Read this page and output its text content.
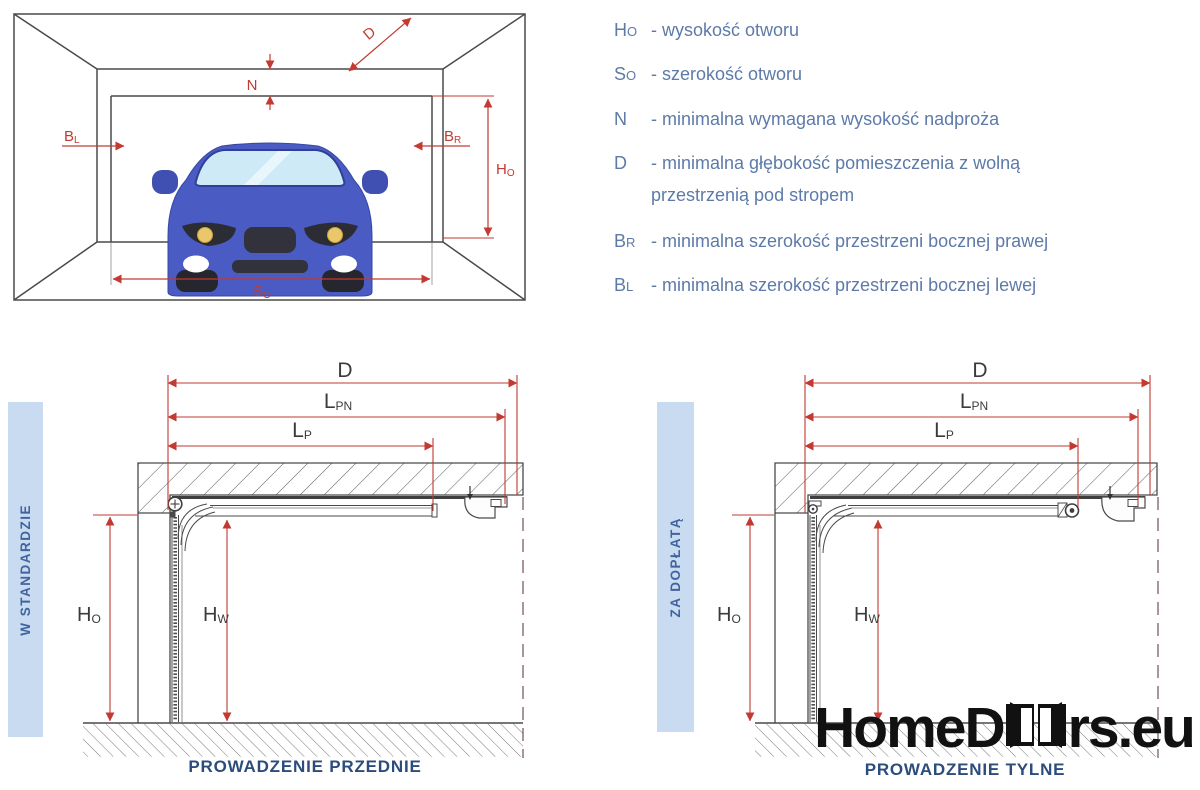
D
N
BL	BR
HO
SO
HO - wysokość otworu
SO - szerokość otworu
N	- minimalna wymagana wysokość nadproża
D	- minimalna głębokość pomieszczenia z wolną
przestrzenią pod stropem
BR - minimalna szerokość przestrzeni bocznej prawej
BL - minimalna szerokość przestrzeni bocznej lewej
W STANDARDZIE
D
LPN
LP
HO	HW
PROWADZENIE PRZEDNIE
ZA DOPŁATĄ
D
LPN
LP
HO	HW
PROWADZENIE TYLNE
HomeD rs.eu
